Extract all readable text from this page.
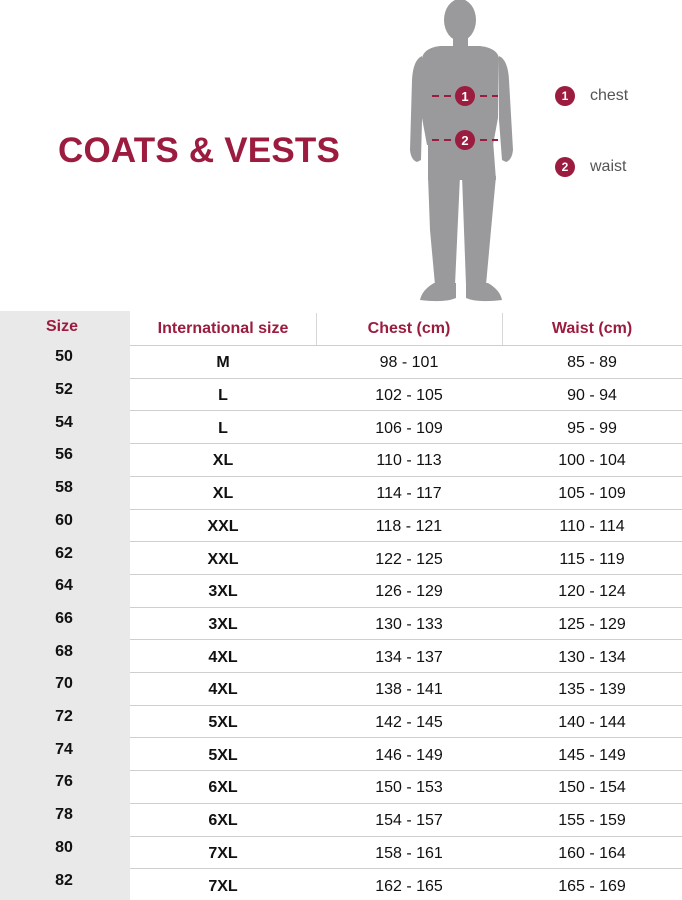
COATS & VESTS
1
2
1	chest
2	waist
Size	International size	Chest (cm)	Waist (cm)
50	M	98 - 101	85 - 89
52	L	102 - 105	90 - 94
54	L	106 - 109	95 - 99
56	XL	110 - 113	100 - 104
58	XL	114 - 117	105 - 109
60	XXL	118 - 121	110 - 114
62	XXL	122 - 125	115 - 119
64	3XL	126 - 129	120 - 124
66	3XL	130 - 133	125 - 129
68	4XL	134 - 137	130 - 134
70	4XL	138 - 141	135 - 139
72	5XL	142 - 145	140 - 144
74	5XL	146 - 149	145 - 149
76	6XL	150 - 153	150 - 154
78	6XL	154 - 157	155 - 159
80	7XL	158 - 161	160 - 164
82	7XL	162 - 165	165 - 169
